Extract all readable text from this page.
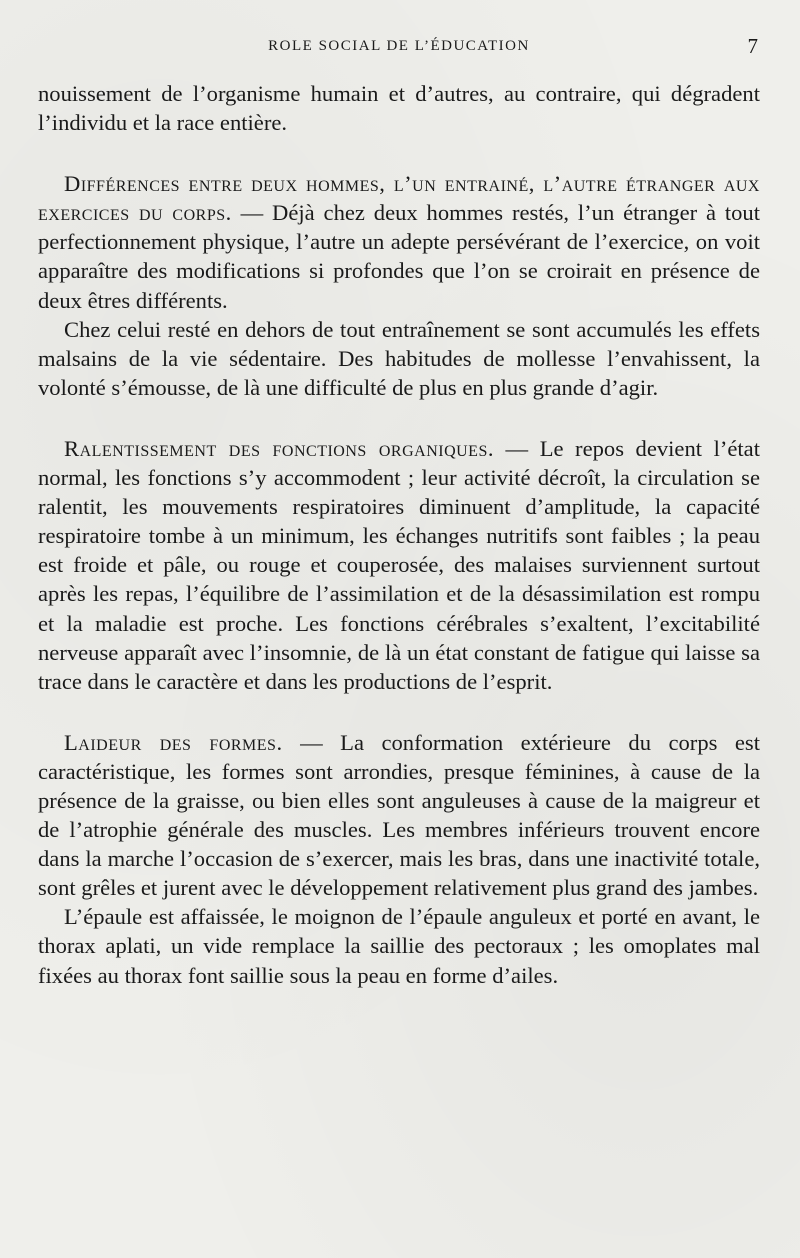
ROLE SOCIAL DE L’ÉDUCATION	7

nouissement de l’organisme humain et d’autres, au contraire, qui dégradent l’individu et la race entière.

Différences entre deux hommes, l’un entrainé, l’autre étranger aux exercices du corps. — Déjà chez deux hommes restés, l’un étranger à tout perfectionnement physique, l’autre un adepte persévérant de l’exercice, on voit apparaître des modifications si profondes que l’on se croirait en présence de deux êtres différents.

Chez celui resté en dehors de tout entraînement se sont accumulés les effets malsains de la vie sédentaire. Des habitudes de mollesse l’envahissent, la volonté s’émousse, de là une difficulté de plus en plus grande d’agir.

Ralentissement des fonctions organiques. — Le repos devient l’état normal, les fonctions s’y accommodent ; leur activité décroît, la circulation se ralentit, les mouvements respiratoires diminuent d’amplitude, la capacité respiratoire tombe à un minimum, les échanges nutritifs sont faibles ; la peau est froide et pâle, ou rouge et couperosée, des malaises surviennent surtout après les repas, l’équilibre de l’assimilation et de la désassimilation est rompu et la maladie est proche. Les fonctions cérébrales s’exaltent, l’excitabilité nerveuse apparaît avec l’insomnie, de là un état constant de fatigue qui laisse sa trace dans le caractère et dans les productions de l’esprit.

Laideur des formes. — La conformation extérieure du corps est caractéristique, les formes sont arrondies, presque féminines, à cause de la présence de la graisse, ou bien elles sont anguleuses à cause de la maigreur et de l’atrophie générale des muscles. Les membres inférieurs trouvent encore dans la marche l’occasion de s’exercer, mais les bras, dans une inactivité totale, sont grêles et jurent avec le développement relativement plus grand des jambes.

L’épaule est affaissée, le moignon de l’épaule anguleux et porté en avant, le thorax aplati, un vide remplace la saillie des pectoraux ; les omoplates mal fixées au thorax font saillie sous la peau en forme d’ailes.
